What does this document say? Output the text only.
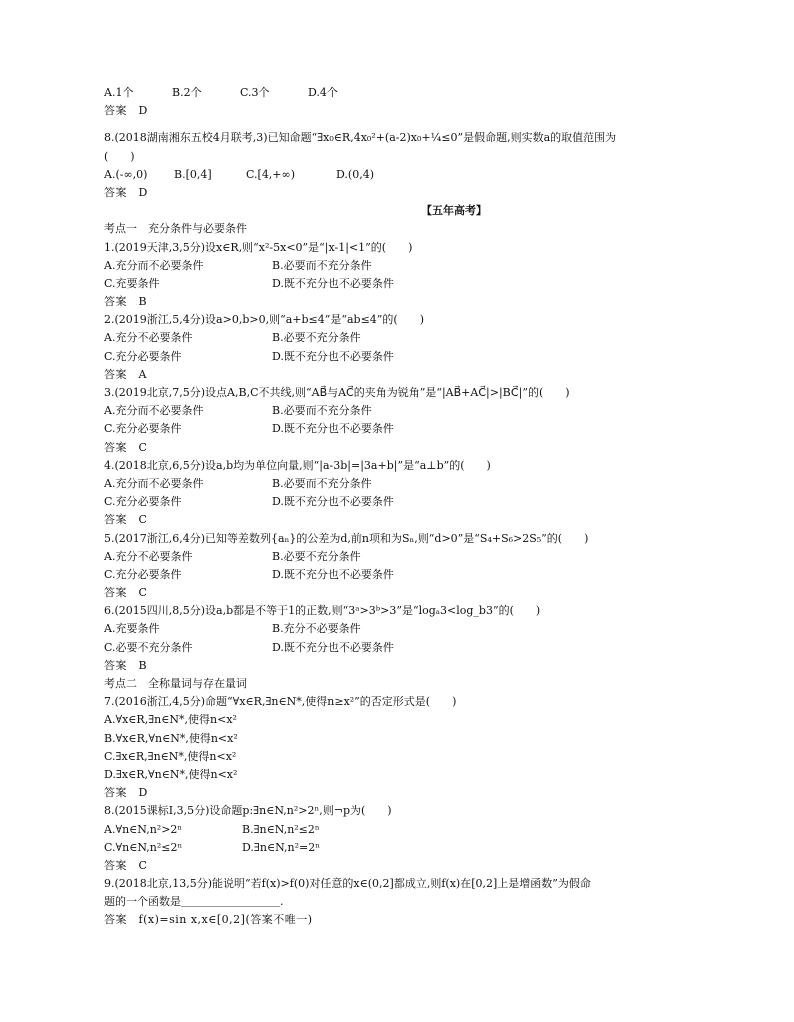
A.1个	B.2个	C.3个	D.4个
答案　D
8.(2018湖南湘东五校4月联考,3)已知命题“∃x₀∈R,4x₀²+(a-2)x₀+¼≤0”是假命题,则实数a的取值范围为
(　　)
A.(-∞,0) B.[0,4]	C.[4,+∞)	D.(0,4)
答案　D
【五年高考】
考点一　充分条件与必要条件
1.(2019天津,3,5分)设x∈R,则“x²-5x<0”是“|x-1|<1”的(　　)
A.充分而不必要条件	B.必要而不充分条件
C.充要条件	D.既不充分也不必要条件
答案　B
2.(2019浙江,5,4分)设a>0,b>0,则“a+b≤4”是“ab≤4”的(　　)
A.充分不必要条件	B.必要不充分条件
C.充分必要条件	D.既不充分也不必要条件
答案　A
3.(2019北京,7,5分)设点A,B,C不共线,则“AB⃗与AC⃗的夹角为锐角”是“|AB⃗+AC⃗|>|BC⃗|”的(　　)
A.充分而不必要条件	B.必要而不充分条件
C.充分必要条件	D.既不充分也不必要条件
答案　C
4.(2018北京,6,5分)设a,b均为单位向量,则“|a-3b|=|3a+b|”是“a⊥b”的(　　)
A.充分而不必要条件	B.必要而不充分条件
C.充分必要条件	D.既不充分也不必要条件
答案　C
5.(2017浙江,6,4分)已知等差数列{aₙ}的公差为d,前n项和为Sₙ,则“d>0”是“S₄+S₆>2S₅”的(　　)
A.充分不必要条件	B.必要不充分条件
C.充分必要条件	D.既不充分也不必要条件
答案　C
6.(2015四川,8,5分)设a,b都是不等于1的正数,则“3ᵃ>3ᵇ>3”是“logₐ3<log_b3”的(　　)
A.充要条件	B.充分不必要条件
C.必要不充分条件	D.既不充分也不必要条件
答案　B
考点二　全称量词与存在量词
7.(2016浙江,4,5分)命题“∀x∈R,∃n∈N*,使得n≥x²”的否定形式是(　　)
A.∀x∈R,∃n∈N*,使得n<x²
B.∀x∈R,∀n∈N*,使得n<x²
C.∃x∈R,∃n∈N*,使得n<x²
D.∃x∈R,∀n∈N*,使得n<x²
答案　D
8.(2015课标Ⅰ,3,5分)设命题p:∃n∈N,n²>2ⁿ,则¬p为(　　)
A.∀n∈N,n²>2ⁿ	B.∃n∈N,n²≤2ⁿ
C.∀n∈N,n²≤2ⁿ	D.∃n∈N,n²=2ⁿ
答案　C
9.(2018北京,13,5分)能说明“若f(x)>f(0)对任意的x∈(0,2]都成立,则f(x)在[0,2]上是增函数”为假命
题的一个函数是＿＿＿＿＿＿＿＿＿.
答案　f(x)=sin x,x∈[0,2](答案不唯一)
